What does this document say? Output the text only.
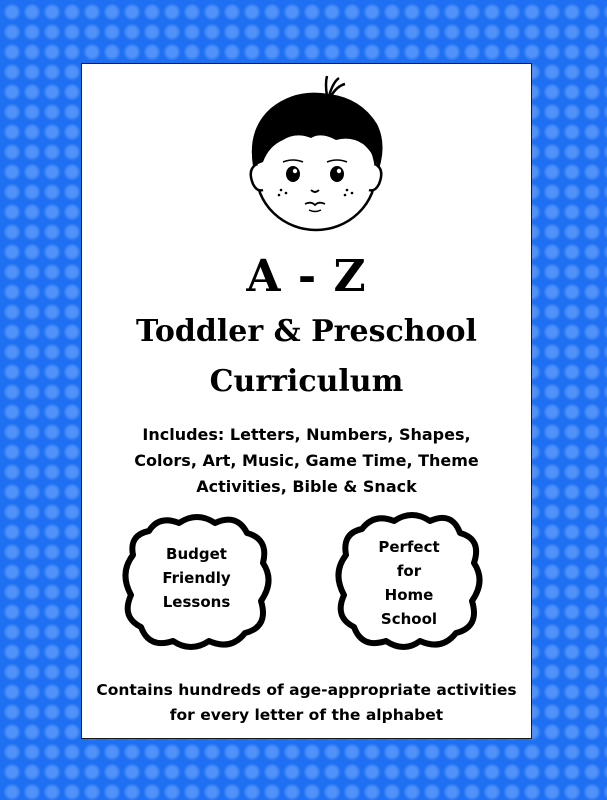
A - Z
Toddler & Preschool
Curriculum
Includes: Letters, Numbers, Shapes,
Colors, Art, Music, Game Time, Theme
Activities, Bible & Snack
Budget
Friendly
Lessons
Perfect
for
Home
School
Contains hundreds of age-appropriate activities
for every letter of the alphabet
